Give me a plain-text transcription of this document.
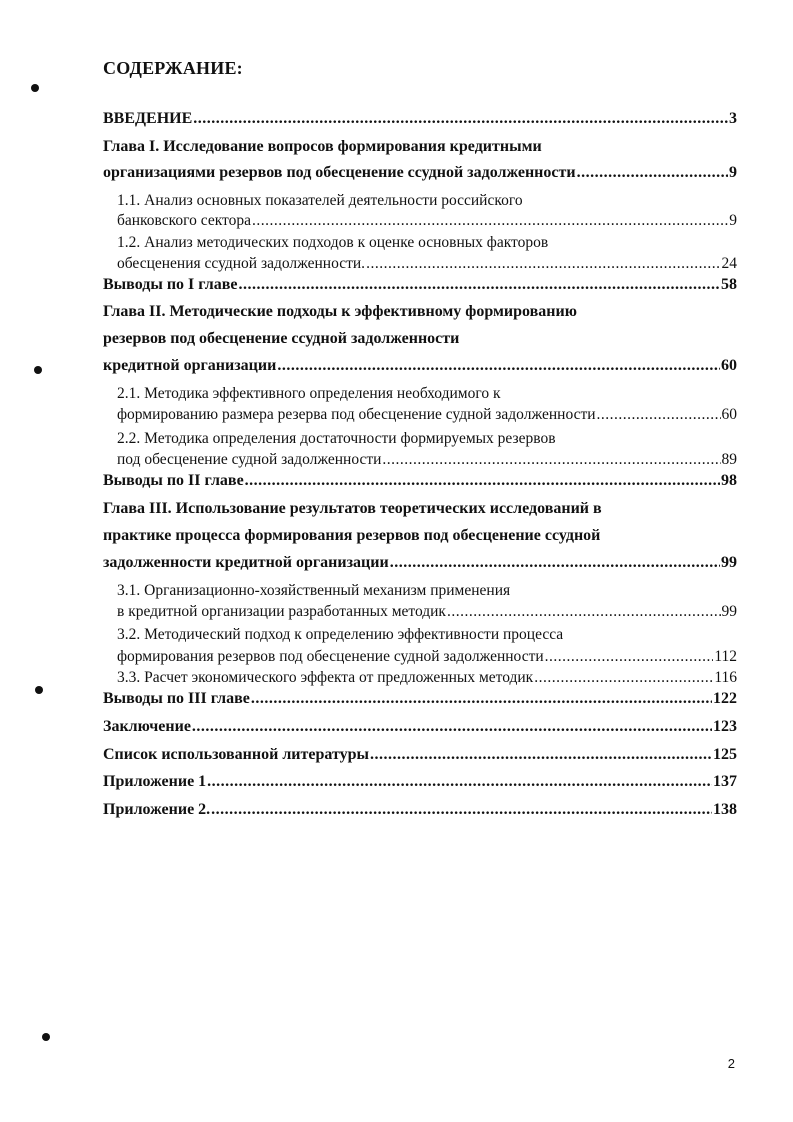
СОДЕРЖАНИЕ:
ВВЕДЕНИЕ .....	3
Глава I. Исследование вопросов формирования кредитными
организациями резервов под обесценение ссудной задолженности .....	9
1.1. Анализ основных показателей деятельности российского
банковского сектора .....	9
1.2. Анализ методических подходов к оценке основных факторов
обесценения ссудной задолженности. .....	24
Выводы по I главе .....	58
Глава II. Методические подходы к эффективному формированию
резервов под обесценение ссудной задолженности
кредитной организации .....	60
2.1. Методика эффективного определения необходимого к
формированию размера резерва под обесценение судной задолженности .....	60
2.2. Методика определения достаточности формируемых резервов
под обесценение судной задолженности .....	89
Выводы по II главе .....	98
Глава III. Использование результатов теоретических исследований в
практике процесса формирования резервов под обесценение ссудной
задолженности кредитной организации .....	99
3.1. Организационно-хозяйственный механизм применения
в кредитной организации разработанных методик .....	99
3.2. Методический подход к определению эффективности процесса
формирования резервов под обесценение судной задолженности .....	112
3.3. Расчет экономического эффекта от предложенных методик .....	116
Выводы по III главе .....	122
Заключение .....	123
Список использованной литературы .....	125
Приложение 1 .....	137
Приложение 2. .....	138
2
